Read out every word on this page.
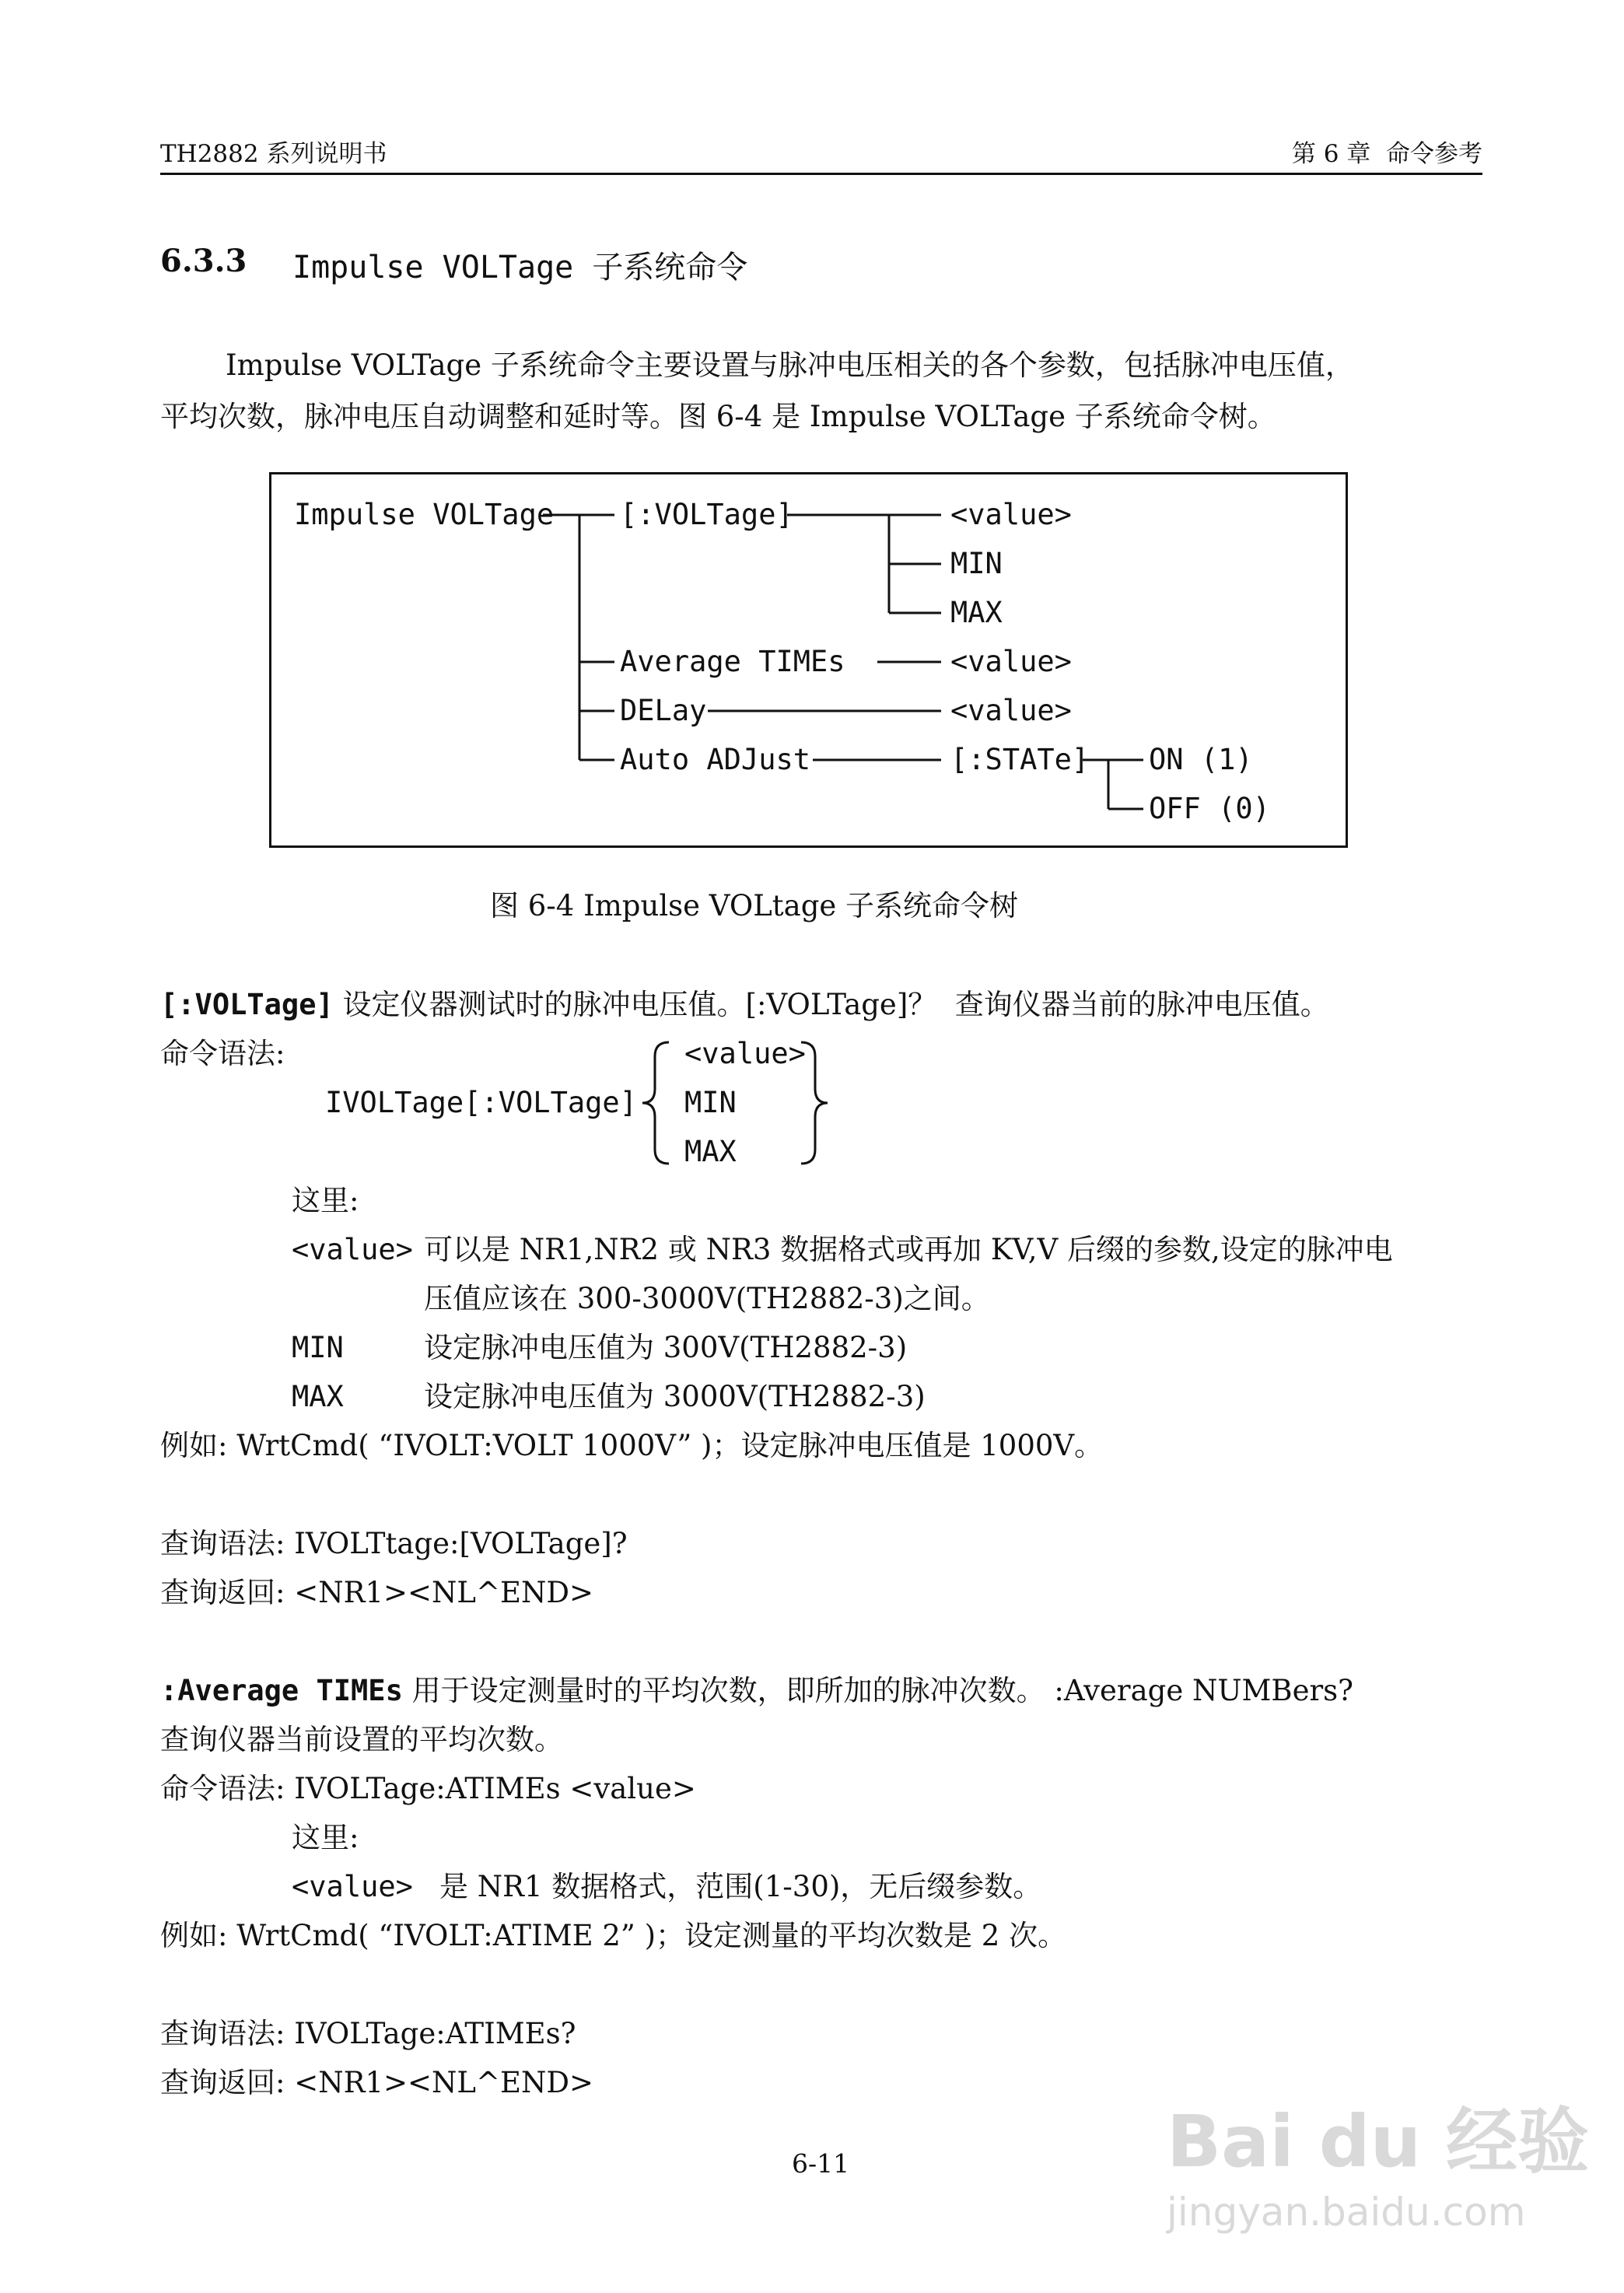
TH2882 系列说明书	第 6 章  命令参考
6.3.3 Impulse VOLTage 子系统命令
Impulse VOLTage 子系统命令主要设置与脉冲电压相关的各个参数，包括脉冲电压值，
平均次数，脉冲电压自动调整和延时等。图 6-4 是 Impulse VOLTage 子系统命令树。
Impulse VOLTage [:VOLTage]	<value>
MIN
MAX
Average TIMEs	<value>
DELay	<value>
Auto ADJust	[:STATe] ON (1)
OFF (0)
图 6-4 Impulse VOLtage 子系统命令树
[:VOLTage] 设定仪器测试时的脉冲电压值。[:VOLTage]？  查询仪器当前的脉冲电压值。
命令语法:
IVOLTage[:VOLTage]
<value>
MIN
MAX
这里:
<value> 可以是 NR1,NR2 或 NR3 数据格式或再加 KV,V 后缀的参数,设定的脉冲电
压值应该在 300-3000V(TH2882-3)之间。
MIN	设定脉冲电压值为 300V(TH2882-3)
MAX	设定脉冲电压值为 3000V(TH2882-3)
例如: WrtCmd( “IVOLT:VOLT 1000V” )；设定脉冲电压值是 1000V。
查询语法: IVOLTtage:[VOLTage]?
查询返回: <NR1><NL^END>
:Average TIMEs 用于设定测量时的平均次数，即所加的脉冲次数。 :Average NUMBers?
查询仪器当前设置的平均次数。
命令语法: IVOLTage:ATIMEs <value>
这里:
<value> 是 NR1 数据格式，范围(1-30)，无后缀参数。
例如: WrtCmd( “IVOLT:ATIME 2” )；设定测量的平均次数是 2 次。
查询语法: IVOLTage:ATIMEs?
查询返回: <NR1><NL^END>
6-11	Bai du 经验
jingyan.baidu.com
